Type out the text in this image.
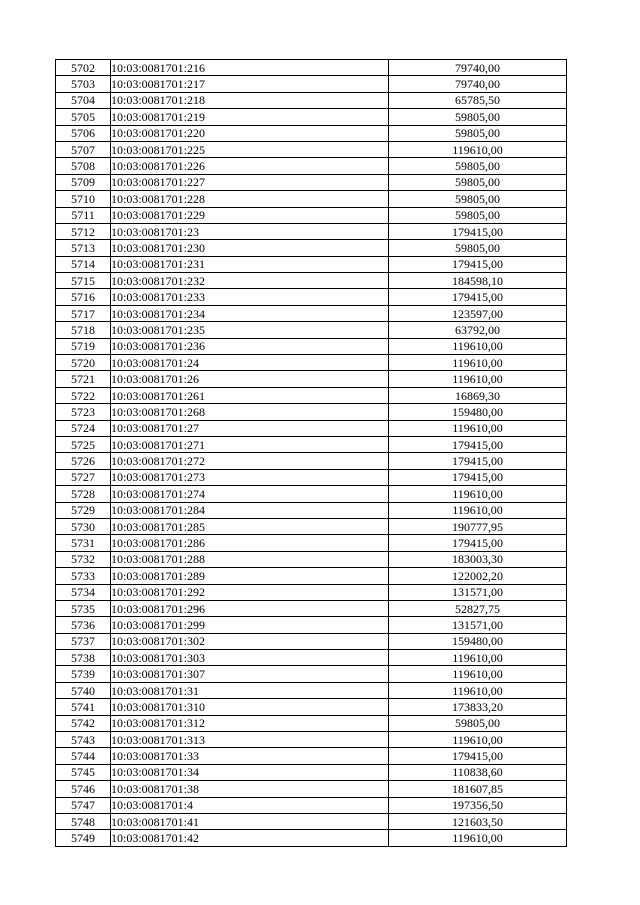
5702	10:03:0081701:216	79740,00
5703	10:03:0081701:217	79740,00
5704	10:03:0081701:218	65785,50
5705	10:03:0081701:219	59805,00
5706	10:03:0081701:220	59805,00
5707	10:03:0081701:225	119610,00
5708	10:03:0081701:226	59805,00
5709	10:03:0081701:227	59805,00
5710	10:03:0081701:228	59805,00
5711	10:03:0081701:229	59805,00
5712	10:03:0081701:23	179415,00
5713	10:03:0081701:230	59805,00
5714	10:03:0081701:231	179415,00
5715	10:03:0081701:232	184598,10
5716	10:03:0081701:233	179415,00
5717	10:03:0081701:234	123597,00
5718	10:03:0081701:235	63792,00
5719	10:03:0081701:236	119610,00
5720	10:03:0081701:24	119610,00
5721	10:03:0081701:26	119610,00
5722	10:03:0081701:261	16869,30
5723	10:03:0081701:268	159480,00
5724	10:03:0081701:27	119610,00
5725	10:03:0081701:271	179415,00
5726	10:03:0081701:272	179415,00
5727	10:03:0081701:273	179415,00
5728	10:03:0081701:274	119610,00
5729	10:03:0081701:284	119610,00
5730	10:03:0081701:285	190777,95
5731	10:03:0081701:286	179415,00
5732	10:03:0081701:288	183003,30
5733	10:03:0081701:289	122002,20
5734	10:03:0081701:292	131571,00
5735	10:03:0081701:296	52827,75
5736	10:03:0081701:299	131571,00
5737	10:03:0081701:302	159480,00
5738	10:03:0081701:303	119610,00
5739	10:03:0081701:307	119610,00
5740	10:03:0081701:31	119610,00
5741	10:03:0081701:310	173833,20
5742	10:03:0081701:312	59805,00
5743	10:03:0081701:313	119610,00
5744	10:03:0081701:33	179415,00
5745	10:03:0081701:34	110838,60
5746	10:03:0081701:38	181607,85
5747	10:03:0081701:4	197356,50
5748	10:03:0081701:41	121603,50
5749	10:03:0081701:42	119610,00
